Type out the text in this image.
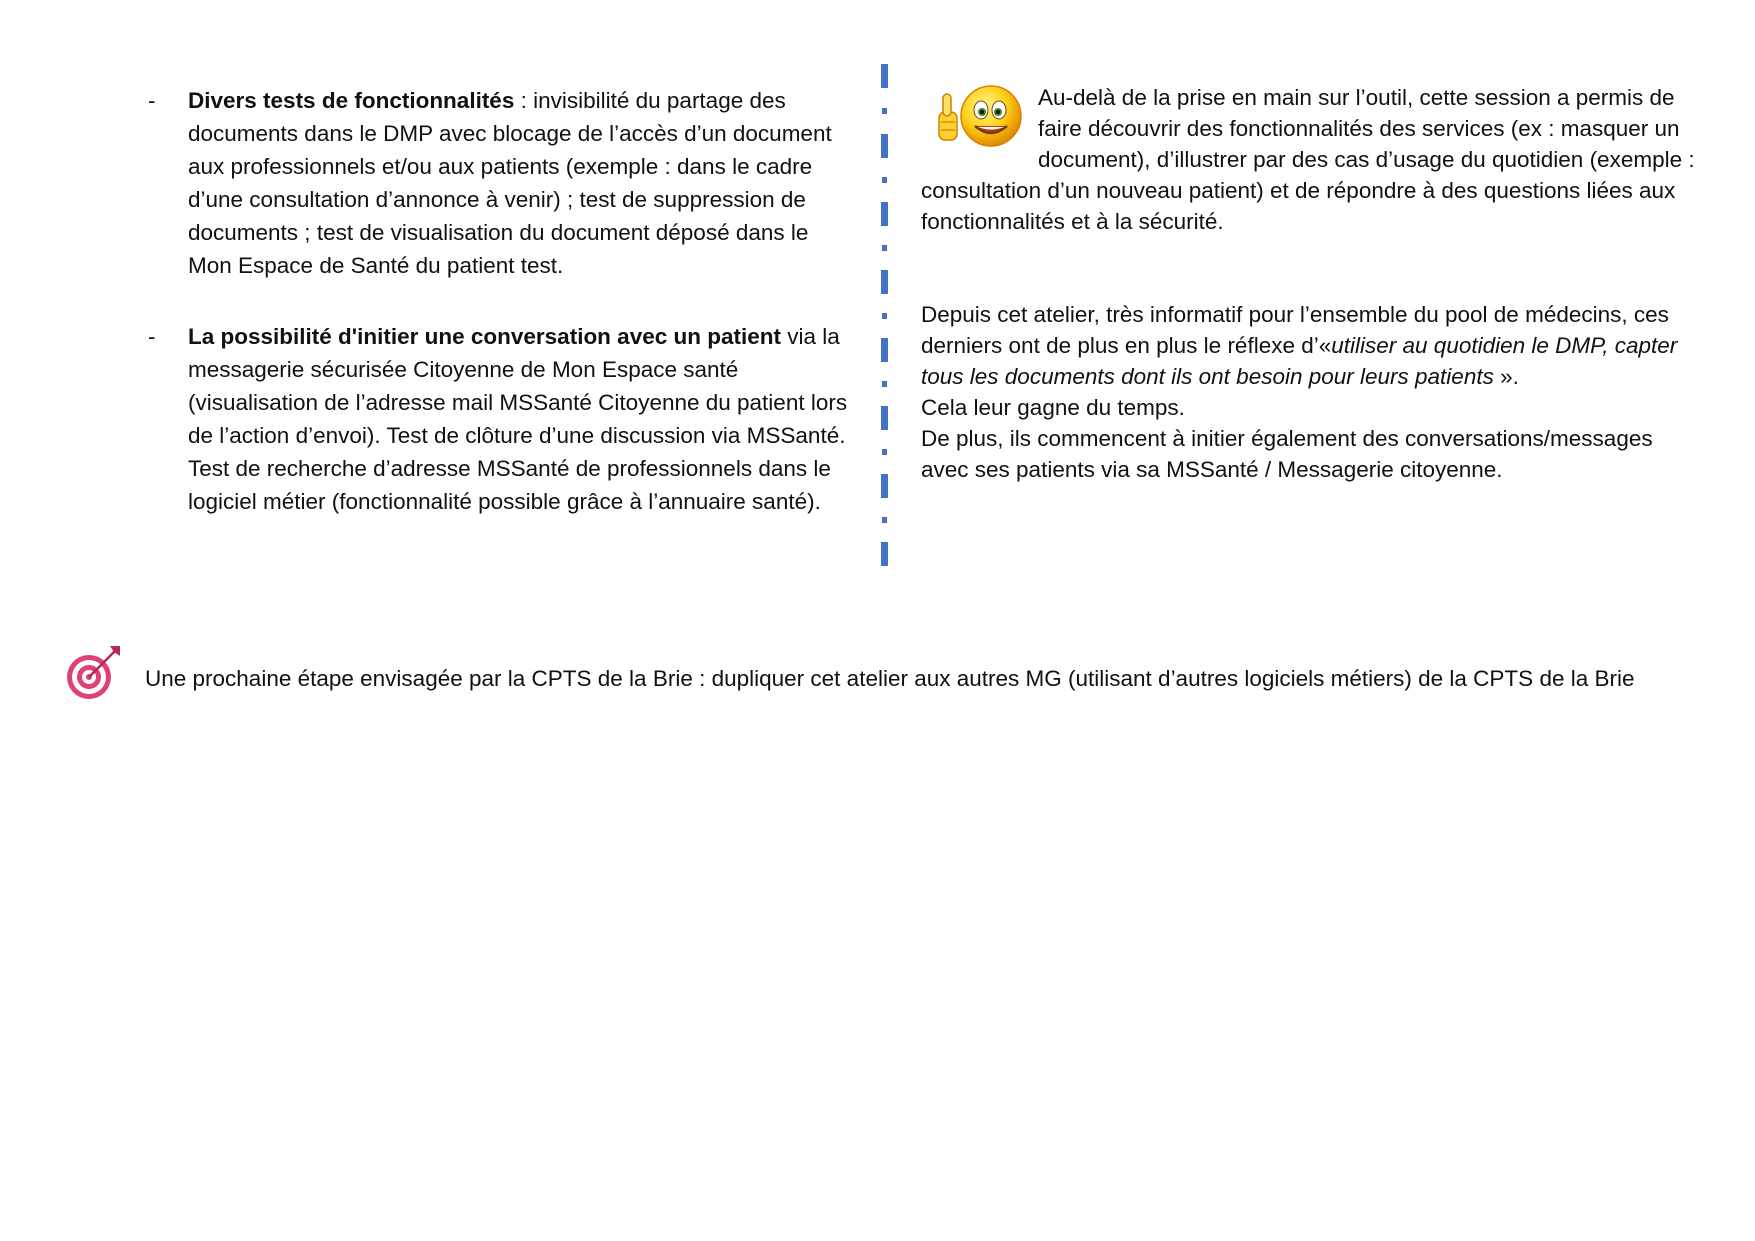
- Divers tests de fonctionnalités : invisibilité du partage des documents dans le DMP avec blocage de l’accès d’un document aux professionnels et/ou aux patients (exemple : dans le cadre d’une consultation d’annonce à venir) ; test de suppression de documents ; test de visualisation du document déposé dans le Mon Espace de Santé du patient test.
- La possibilité d'initier une conversation avec un patient via la messagerie sécurisée Citoyenne de Mon Espace santé (visualisation de l’adresse mail MSSanté Citoyenne du patient lors de l’action d’envoi). Test de clôture d’une discussion via MSSanté. Test de recherche d’adresse MSSanté de professionnels dans le logiciel métier (fonctionnalité possible grâce à l’annuaire santé).

Au-delà de la prise en main sur l’outil, cette session a permis de faire découvrir des fonctionnalités des services (ex : masquer un document), d’illustrer par des cas d’usage du quotidien (exemple : consultation d’un nouveau patient) et de répondre à des questions liées aux fonctionnalités et à la sécurité.

Depuis cet atelier, très informatif pour l’ensemble du pool de médecins, ces derniers ont de plus en plus le réflexe d’«utiliser au quotidien le DMP, capter tous les documents dont ils ont besoin pour leurs patients ».
Cela leur gagne du temps.
De plus, ils commencent à initier également des conversations/messages avec ses patients via sa MSSanté / Messagerie citoyenne.

Une prochaine étape envisagée par la CPTS de la Brie : dupliquer cet atelier aux autres MG (utilisant d’autres logiciels métiers) de la CPTS de la Brie
